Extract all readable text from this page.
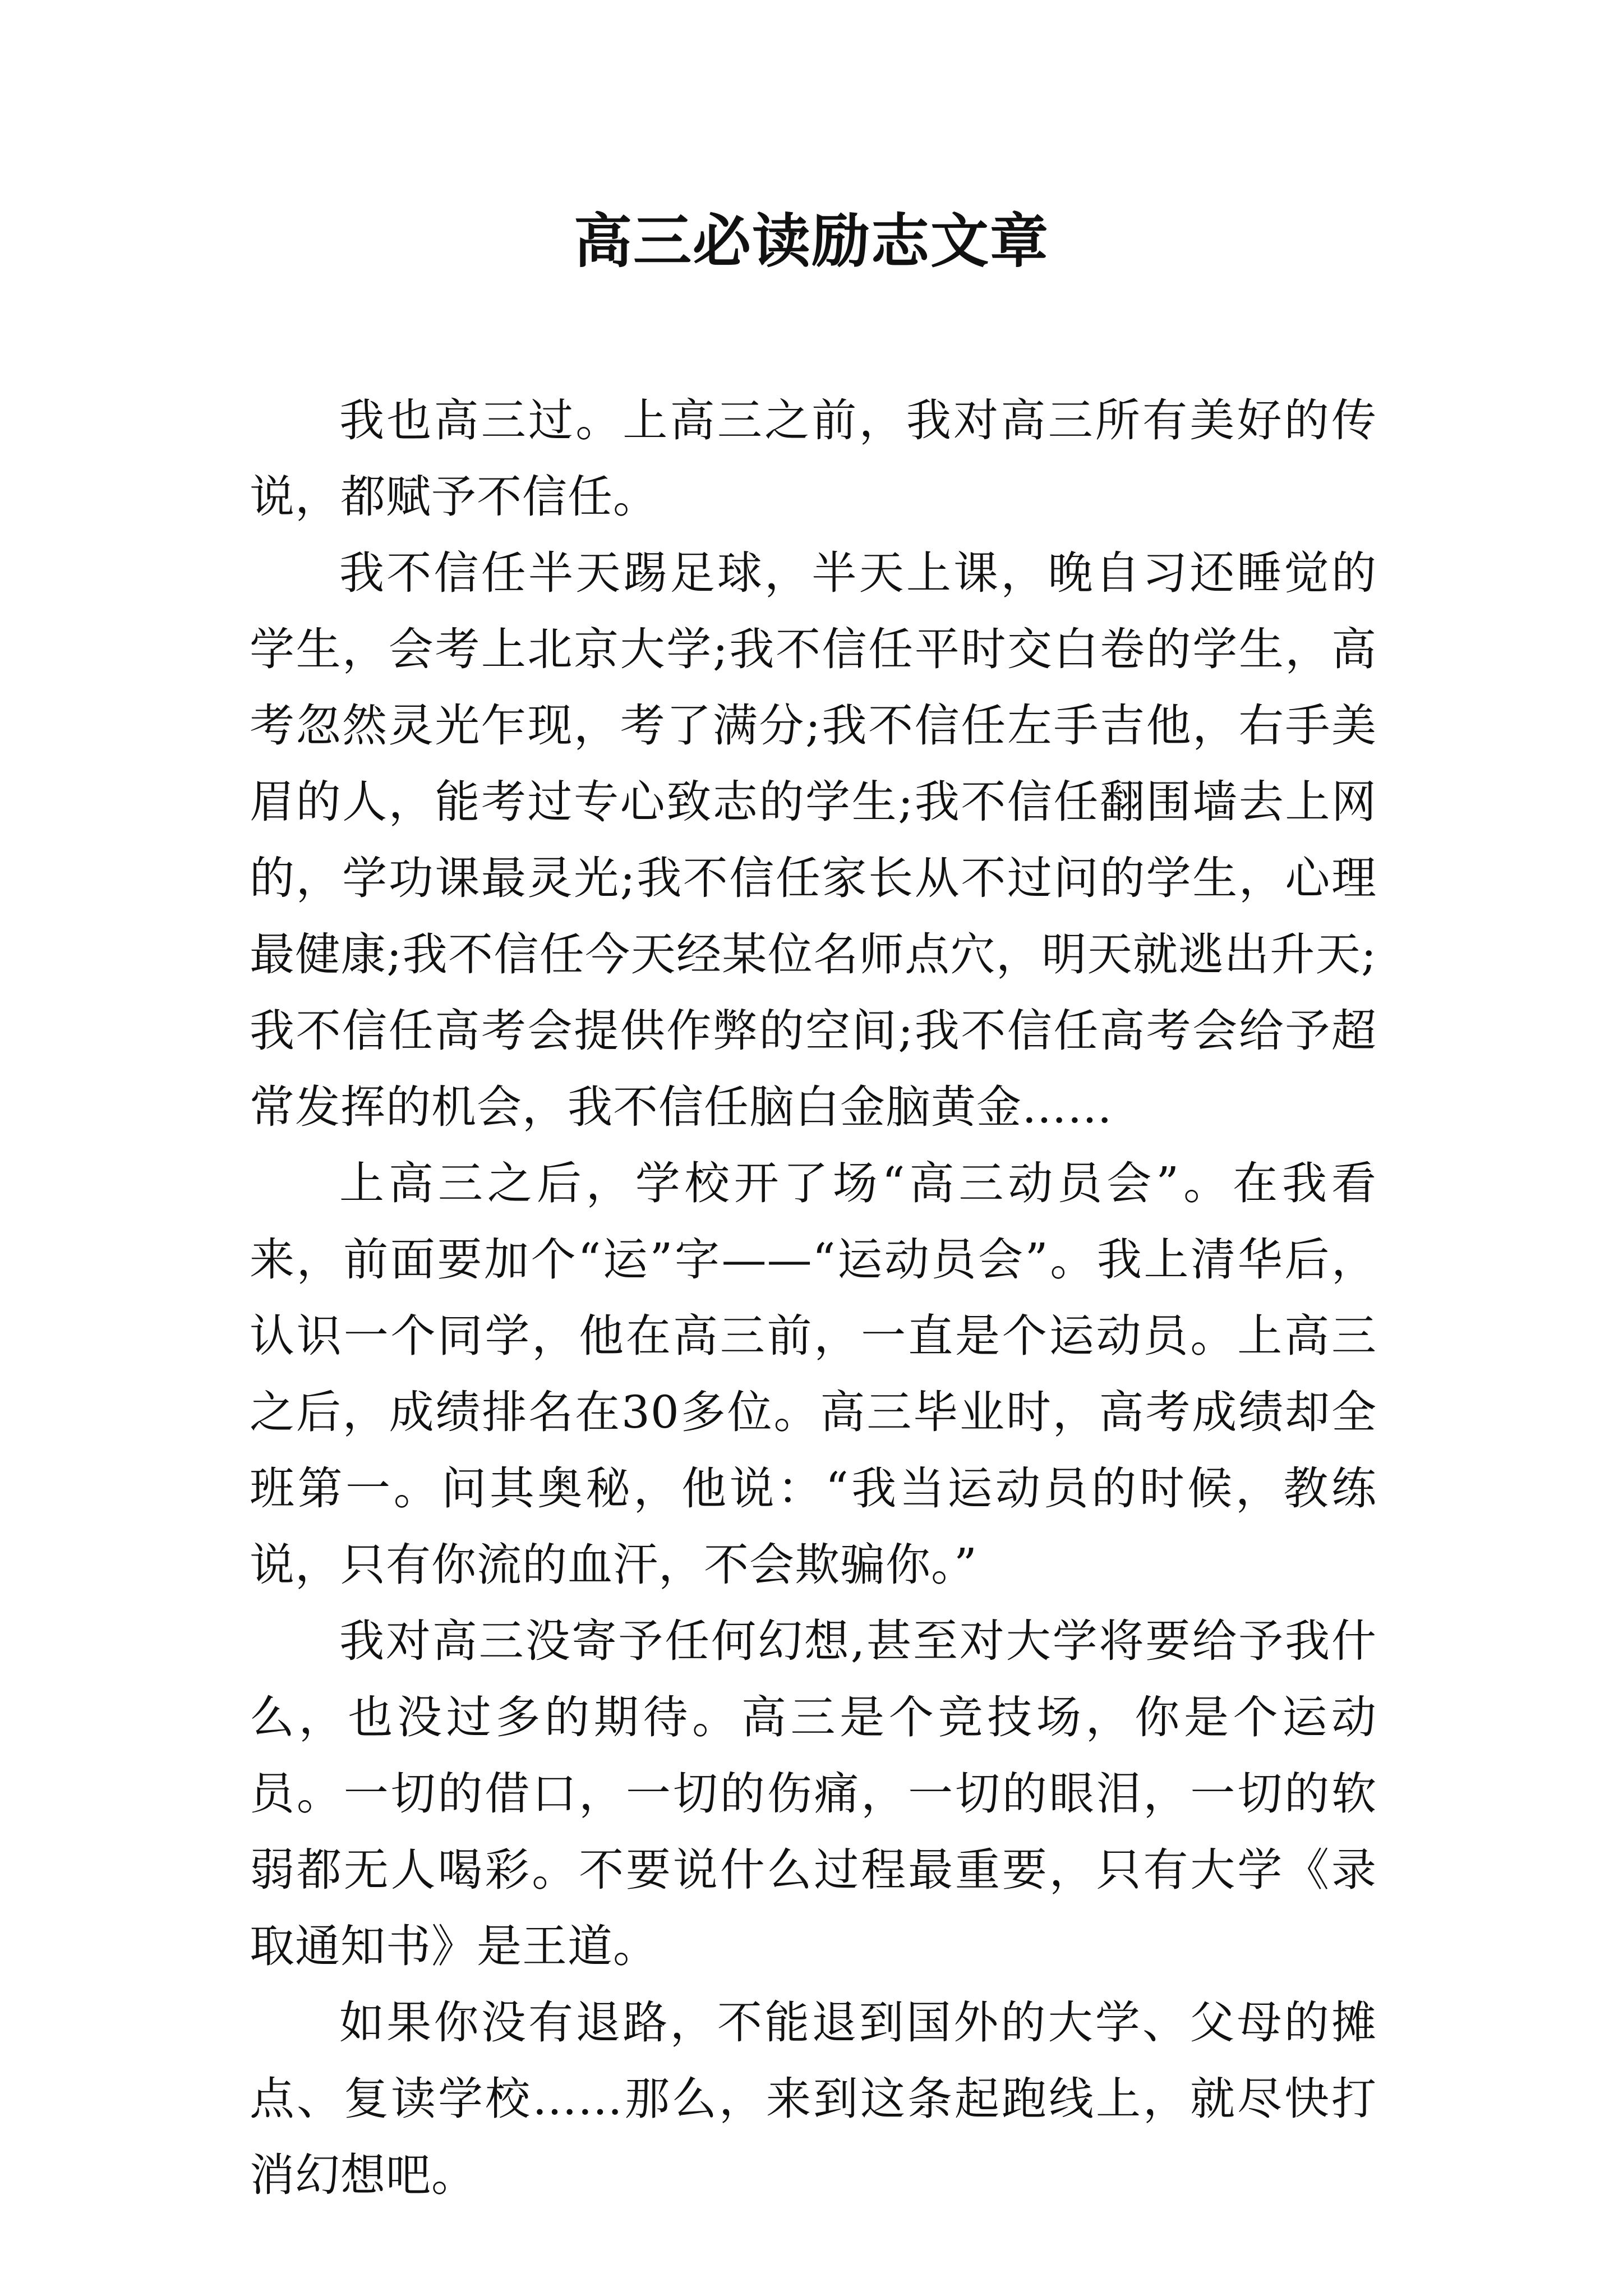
高三必读励志文章

我也高三过。上高三之前，我对高三所有美好的传说，都赋予不信任。

我不信任半天踢足球，半天上课，晚自习还睡觉的学生，会考上北京大学;我不信任平时交白卷的学生，高考忽然灵光乍现，考了满分;我不信任左手吉他，右手美眉的人，能考过专心致志的学生;我不信任翻围墙去上网的，学功课最灵光;我不信任家长从不过问的学生，心理最健康;我不信任今天经某位名师点穴，明天就逃出升天;我不信任高考会提供作弊的空间;我不信任高考会给予超常发挥的机会，我不信任脑白金脑黄金……

上高三之后，学校开了场“高三动员会”。在我看来，前面要加个“运”字——“运动员会”。我上清华后，认识一个同学，他在高三前，一直是个运动员。上高三之后，成绩排名在30多位。高三毕业时，高考成绩却全班第一。问其奥秘，他说：“我当运动员的时候，教练说，只有你流的血汗，不会欺骗你。”

我对高三没寄予任何幻想,甚至对大学将要给予我什么，也没过多的期待。高三是个竞技场，你是个运动员。一切的借口，一切的伤痛，一切的眼泪，一切的软弱都无人喝彩。不要说什么过程最重要，只有大学《录取通知书》是王道。

如果你没有退路，不能退到国外的大学、父母的摊点、复读学校……那么，来到这条起跑线上，就尽快打消幻想吧。
